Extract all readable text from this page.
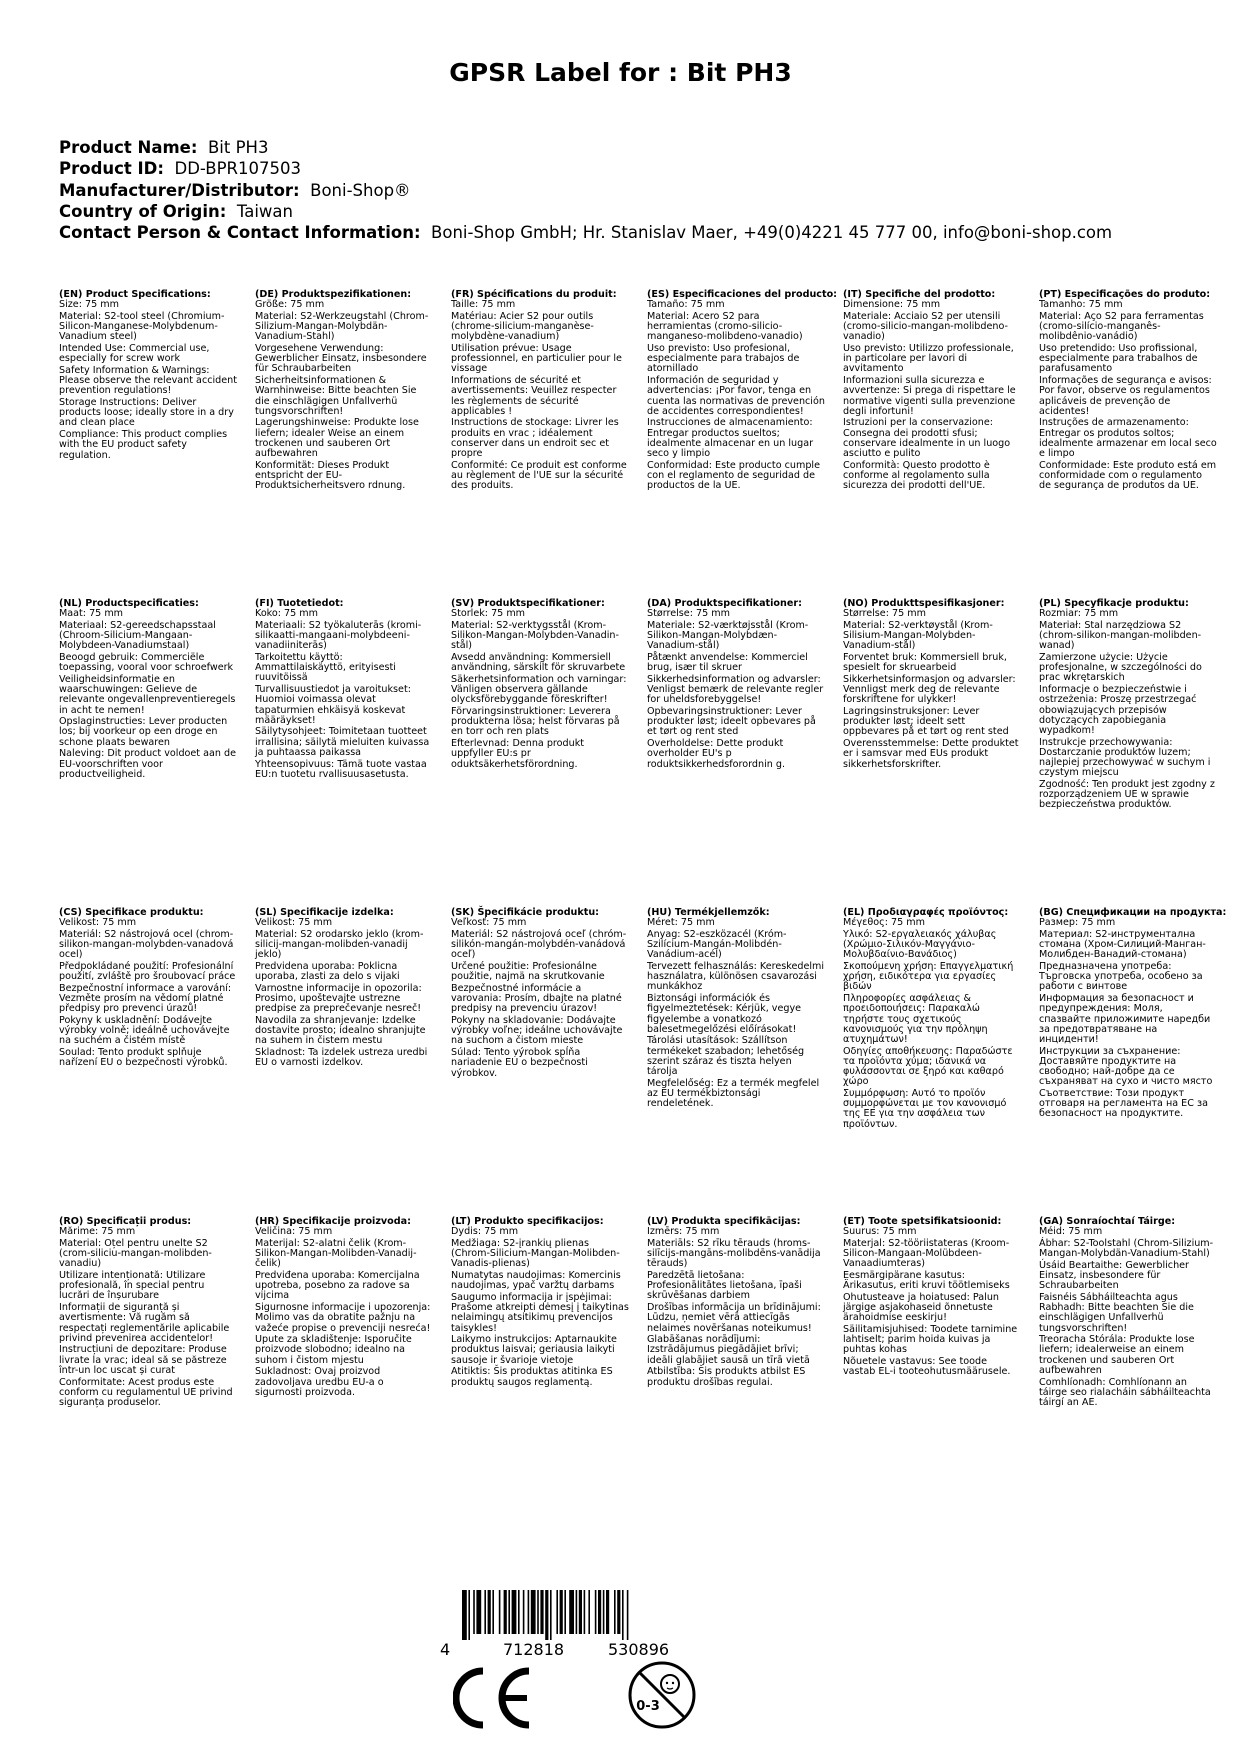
GPSR Label for : Bit PH3
Product Name: Bit PH3
Product ID: DD-BPR107503
Manufacturer/Distributor: Boni-Shop®
Country of Origin: Taiwan
Contact Person & Contact Information: Boni-Shop GmbH; Hr. Stanislav Maer, +49(0)4221 45 777 00, info@boni-shop.com
(EN) Product Specifications:
Size: 75 mm
Material: S2-tool steel (Chromium-Silicon-Manganese-Molybdenum-Vanadium steel)
Intended Use: Commercial use, especially for screw work
Safety Information & Warnings: Please observe the relevant accident prevention regulations!
Storage Instructions: Deliver products loose; ideally store in a dry and clean place
Compliance: This product complies with the EU product safety regulation.
(DE) Produktspezifikationen:
Größe: 75 mm
Material: S2-Werkzeugstahl (Chrom-Silizium-Mangan-Molybdän-Vanadium-Stahl)
Vorgesehene Verwendung: Gewerblicher Einsatz, insbesondere für Schraubarbeiten
Sicherheitsinformationen & Warnhinweise: Bitte beachten Sie die einschlägigen Unfallverhü tungsvorschriften!
Lagerungshinweise: Produkte lose liefern; idealer Weise an einem trockenen und sauberen Ort aufbewahren
Konformität: Dieses Produkt entspricht der EU-Produktsicherheitsvero rdnung.
(FR) Spécifications du produit:
Taille: 75 mm
Matériau: Acier S2 pour outils (chrome-silicium-manganèse-molybdène-vanadium)
Utilisation prévue: Usage professionnel, en particulier pour le vissage
Informations de sécurité et avertissements: Veuillez respecter les règlements de sécurité applicables !
Instructions de stockage: Livrer les produits en vrac ; idéalement conserver dans un endroit sec et propre
Conformité: Ce produit est conforme au règlement de l'UE sur la sécurité des produits.
(ES) Especificaciones del producto:
Tamaño: 75 mm
Material: Acero S2 para herramientas (cromo-silicio-manganeso-molibdeno-vanadio)
Uso previsto: Uso profesional, especialmente para trabajos de atornillado
Información de seguridad y advertencias: ¡Por favor, tenga en cuenta las normativas de prevención de accidentes correspondientes!
Instrucciones de almacenamiento: Entregar productos sueltos; idealmente almacenar en un lugar seco y limpio
Conformidad: Este producto cumple con el reglamento de seguridad de productos de la UE.
(IT) Specifiche del prodotto:
Dimensione: 75 mm
Materiale: Acciaio S2 per utensili (cromo-silicio-mangan-molibdeno-vanadio)
Uso previsto: Utilizzo professionale, in particolare per lavori di avvitamento
Informazioni sulla sicurezza e avvertenze: Si prega di rispettare le normative vigenti sulla prevenzione degli infortuni!
Istruzioni per la conservazione: Consegna dei prodotti sfusi; conservare idealmente in un luogo asciutto e pulito
Conformità: Questo prodotto è conforme al regolamento sulla sicurezza dei prodotti dell'UE.
(PT) Especificações do produto:
Tamanho: 75 mm
Material: Aço S2 para ferramentas (cromo-silício-manganês-molibdênio-vanádio)
Uso pretendido: Uso profissional, especialmente para trabalhos de parafusamento
Informações de segurança e avisos: Por favor, observe os regulamentos aplicáveis de prevenção de acidentes!
Instruções de armazenamento: Entregar os produtos soltos; idealmente armazenar em local seco e limpo
Conformidade: Este produto está em conformidade com o regulamento de segurança de produtos da UE.
(NL) Productspecificaties:
Maat: 75 mm
Materiaal: S2-gereedschapsstaal (Chroom-Silicium-Mangaan-Molybdeen-Vanadiumstaal)
Beoogd gebruik: Commerciële toepassing, vooral voor schroefwerk
Veiligheidsinformatie en waarschuwingen: Gelieve de relevante ongevallenpreventieregels in acht te nemen!
Opslaginstructies: Lever producten los; bij voorkeur op een droge en schone plaats bewaren
Naleving: Dit product voldoet aan de EU-voorschriften voor productveiligheid.
(FI) Tuotetiedot:
Koko: 75 mm
Materiaali: S2 työkaluterās (kromi-silikaatti-mangaani-molybdeeni-vanadiiniterās)
Tarkoitettu käyttö: Ammattilaiskäyttö, erityisesti ruuvitöissä
Turvallisuustiedot ja varoitukset: Huomioi voimassa olevat tapaturmien ehkäisyä koskevat määräykset!
Säilytysohjeet: Toimitetaan tuotteet irrallisina; säilytä mieluiten kuivassa ja puhtaassa paikassa
Yhteensopivuus: Tämä tuote vastaa EU:n tuotetu rvallisuusasetusta.
(SV) Produktspecifikationer:
Storlek: 75 mm
Material: S2-verktygsstål (Krom-Silikon-Mangan-Molybden-Vanadin-stål)
Avsedd användning: Kommersiell användning, särskilt för skruvarbete
Säkerhetsinformation och varningar: Vänligen observera gällande olycksförebyggande föreskrifter!
Förvaringsinstruktioner: Leverera produkterna lösa; helst förvaras på en torr och ren plats
Efterlevnad: Denna produkt uppfyller EU:s pr oduktsäkerhetsförordning.
(DA) Produktspecifikationer:
Størrelse: 75 mm
Materiale: S2-værktøjsstål (Krom-Silikon-Mangan-Molybdæn-Vanadium-stål)
Påtænkt anvendelse: Kommerciel brug, især til skruer
Sikkerhedsinformation og advarsler: Venligst bemærk de relevante regler for uheldsforebyggelse!
Opbevaringsinstruktioner: Lever produkter løst; ideelt opbevares på et tørt og rent sted
Overholdelse: Dette produkt overholder EU's p roduktsikkerhedsforordnin g.
(NO) Produkttspesifikasjoner:
Størrelse: 75 mm
Material: S2-verktøystål (Krom-Silisium-Mangan-Molybden-Vanadium-stål)
Forventet bruk: Kommersiell bruk, spesielt for skruearbeid
Sikkerhetsinformasjon og advarsler: Vennligst merk deg de relevante forskriftene for ulykker!
Lagringsinstruksjoner: Lever produkter løst; ideelt sett oppbevares på et tørt og rent sted
Overensstemmelse: Dette produktet er i samsvar med EUs produkt sikkerhetsforskrifter.
(PL) Specyfikacje produktu:
Rozmiar: 75 mm
Materiał: Stal narzędziowa S2 (chrom-silikon-mangan-molibden-wanad)
Zamierzone użycie: Użycie profesjonalne, w szczególności do prac wkrętarskich
Informacje o bezpieczeństwie i ostrzeżenia: Proszę przestrzegać obowiązujących przepisów dotyczących zapobiegania wypadkom!
Instrukcje przechowywania: Dostarczanie produktów luzem; najlepiej przechowywać w suchym i czystym miejscu
Zgodność: Ten produkt jest zgodny z rozporządzeniem UE w sprawie bezpieczeństwa produktów.
(CS) Specifikace produktu:
Velikost: 75 mm
Materiál: S2 nástrojová ocel (chrom-silikon-mangan-molybden-vanadová ocel)
Předpokládané použití: Profesionální použití, zvláště pro šroubovací práce
Bezpečnostní informace a varování: Vezměte prosím na vědomí platné předpisy pro prevenci úrazů!
Pokyny k uskladnění: Dodávejte výrobky volně; ideálně uchovávejte na suchém a čistém místě
Soulad: Tento produkt splňuje nařízení EU o bezpečnosti výrobků.
(SL) Specifikacije izdelka:
Velikost: 75 mm
Material: S2 orodarsko jeklo (krom-silicij-mangan-molibden-vanadij jeklo)
Predvidena uporaba: Poklicna uporaba, zlasti za delo s vijaki
Varnostne informacije in opozorila: Prosimo, upoštevajte ustrezne predpise za preprečevanje nesreč!
Navodila za shranjevanje: Izdelke dostavite prosto; idealno shranjujte na suhem in čistem mestu
Skladnost: Ta izdelek ustreza uredbi EU o varnosti izdelkov.
(SK) Špecifikácie produktu:
Veľkosť: 75 mm
Materiál: S2 nástrojová oceľ (chróm-silikón-mangán-molybdén-vanádová oceľ)
Určené použitie: Profesionálne použitie, najmä na skrutkovanie
Bezpečnostné informácie a varovania: Prosím, dbajte na platné predpisy na prevenciu úrazov!
Pokyny na skladovanie: Dodávajte výrobky voľne; ideálne uchovávajte na suchom a čistom mieste
Súlad: Tento výrobok spĺňa nariadenie EÚ o bezpečnosti výrobkov.
(HU) Termékjellemzők:
Méret: 75 mm
Anyag: S2-eszközacél (Króm-Szilícium-Mangán-Molibdén-Vanádium-acél)
Tervezett felhasználás: Kereskedelmi használatra, különösen csavarozási munkákhoz
Biztonsági információk és figyelmeztetések: Kérjük, vegye figyelembe a vonatkozó balesetmegelőzési előírásokat!
Tárolási utasítások: Szállítson termékeket szabadon; lehetőség szerint száraz és tiszta helyen tárolja
Megfelelőség: Ez a termék megfelel az EU termékbiztonsági rendeletének.
(EL) Προδιαγραφές προϊόντος:
Μέγεθος: 75 mm
Υλικό: S2-εργαλειακός χάλυβας (Χρώμιο-Σιλικόν-Μαγγάνιο-Μολυβδαίνιο-Βανάδιος)
Σκοπούμενη χρήση: Επαγγελματική χρήση, ειδικότερα για εργασίες βιδών
Πληροφορίες ασφάλειας & προειδοποιήσεις: Παρακαλώ τηρήστε τους σχετικούς κανονισμούς για την πρόληψη ατυχημάτων!
Οδηγίες αποθήκευσης: Παραδώστε τα προϊόντα χύμα; ιδανικά να φυλάσσονται σε ξηρό και καθαρό χώρο
Συμμόρφωση: Αυτό το προϊόν συμμορφώνεται με τον κανονισμό της ΕΕ για την ασφάλεια των προϊόντων.
(BG) Спецификации на продукта:
Размер: 75 mm
Материал: S2-инструментална стомана (Хром-Силиций-Манган-Молибден-Ванадий-стомана)
Предназначена употреба: Търговска употреба, особено за работи с винтове
Информация за безопасност и предупреждения: Моля, спазвайте приложимите наредби за предотвратяване на инциденти!
Инструкции за съхранение: Доставяйте продуктите на свободно; най-добре да се съхраняват на сухо и чисто място
Съответствие: Този продукт отговаря на регламента на ЕС за безопасност на продуктите.
(RO) Specificații produs:
Mărime: 75 mm
Material: Oțel pentru unelte S2 (crom-siliciu-mangan-molibden-vanadiu)
Utilizare intenționată: Utilizare profesională, în special pentru lucrări de înșurubare
Informații de siguranță și avertismente: Vă rugăm să respectați reglementările aplicabile privind prevenirea accidentelor!
Instrucțiuni de depozitare: Produse livrate la vrac; ideal să se păstreze într-un loc uscat și curat
Conformitate: Acest produs este conform cu regulamentul UE privind siguranța produselor.
(HR) Specifikacije proizvoda:
Veličina: 75 mm
Materijal: S2-alatni čelik (Krom-Silikon-Mangan-Molibden-Vanadij-čelik)
Predviđena uporaba: Komercijalna upotreba, posebno za radove sa vijcima
Sigurnosne informacije i upozorenja: Molimo vas da obratite pažnju na važeće propise o prevenciji nesreća!
Upute za skladištenje: Isporučite proizvode slobodno; idealno na suhom i čistom mjestu
Sukladnost: Ovaj proizvod zadovoljava uredbu EU-a o sigurnosti proizvoda.
(LT) Produkto specifikacijos:
Dydis: 75 mm
Medžiaga: S2-įrankių plienas (Chrom-Silicium-Mangan-Molibden-Vanadis-plienas)
Numatytas naudojimas: Komercinis naudojimas, ypač varžtų darbams
Saugumo informacija ir įspėjimai: Prašome atkreipti dėmesį į taikytinas nelaimingų atsitikimų prevencijos taisykles!
Laikymo instrukcijos: Aptarnaukite produktus laisvai; geriausia laikyti sausoje ir švarioje vietoje
Atitiktis: Šis produktas atitinka ES produktų saugos reglamentą.
(LV) Produkta specifikācijas:
Izmērs: 75 mm
Materiāls: S2 rīku tērauds (hroms-silīcijs-mangāns-molibdēns-vanādija tērauds)
Paredzētā lietošana: Profesionālitātes lietošana, īpaši skrūvēšanas darbiem
Drošības informācija un brīdinājumi: Lūdzu, ņemiet vērā attiecīgās nelaimes novēršanas noteikumus!
Glabāšanas norādījumi: Izstrādājumus piegādājiet brīvi; ideāli glabājiet sausā un tīrā vietā
Atbilstība: Šis produkts atbilst ES produktu drošības regulai.
(ET) Toote spetsifikatsioonid:
Suurus: 75 mm
Materjal: S2-tööriistateras (Kroom-Silicon-Mangaan-Molübdeen-Vanaadiumteras)
Eesmärgipärane kasutus: Ärikasutus, eriti kruvi töötlemiseks
Ohutusteave ja hoiatused: Palun järgige asjakohaseid õnnetuste ärahoidmise eeskirju!
Säilitamisjuhised: Toodete tarnimine lahtiselt; parim hoida kuivas ja puhtas kohas
Nõuetele vastavus: See toode vastab EL-i tooteohutusmäärusele.
(GA) Sonraíochtaí Táirge:
Méid: 75 mm
Ábhar: S2-Toolstahl (Chrom-Silizium-Mangan-Molybdän-Vanadium-Stahl)
Úsáid Beartaithe: Gewerblicher Einsatz, insbesondere für Schraubarbeiten
Faisnéis Sábháilteachta agus Rabhadh: Bitte beachten Sie die einschlägigen Unfallverhü tungsvorschriften!
Treoracha Stórála: Produkte lose liefern; idealerweise an einem trockenen und sauberen Ort aufbewahren
Comhlíonadh: Comhlíonann an táirge seo rialacháin sábháilteachta táirgí an AE.
4	712818	530896
0-3
